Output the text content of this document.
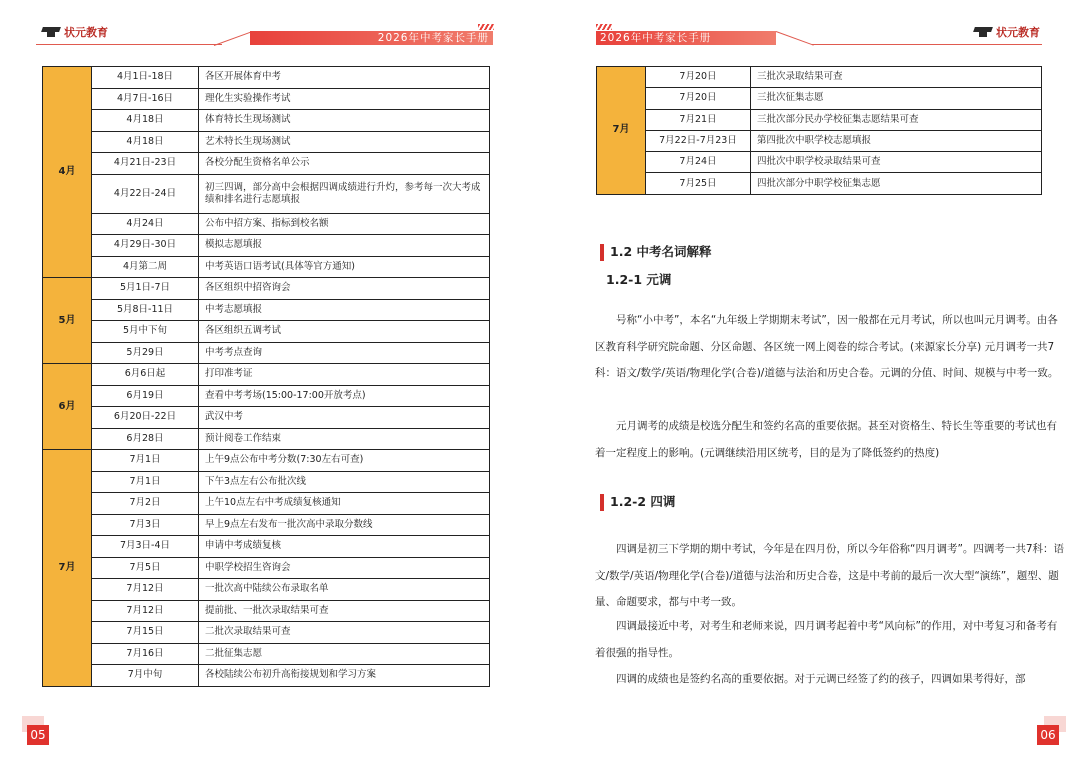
状元教育	2026年中考家长手册
4月	4月1日-18日	各区开展体育中考
	4月7日-16日	理化生实验操作考试
	4月18日	体育特长生现场测试
	4月18日	艺术特长生现场测试
	4月21日-23日	各校分配生资格名单公示
	4月22日-24日	初三四调，部分高中会根据四调成绩进行升灼，参考每一次大考成绩和排名进行志愿填报
	4月24日	公布中招方案、指标到校名额
	4月29日-30日	模拟志愿填报
	4月第二周	中考英语口语考试(具体等官方通知)
5月	5月1日-7日	各区组织中招咨询会
	5月8日-11日	中考志愿填报
	5月中下旬	各区组织五调考试
	5月29日	中考考点查询
6月	6月6日起	打印准考证
	6月19日	查看中考考场(15:00-17:00开放考点)
	6月20日-22日	武汉中考
	6月28日	预计阅卷工作结束
7月	7月1日	上午9点公布中考分数(7:30左右可查)
	7月1日	下午3点左右公布批次线
	7月2日	上午10点左右中考成绩复核通知
	7月3日	早上9点左右发布一批次高中录取分数线
	7月3日-4日	申请中考成绩复核
	7月5日	中职学校招生咨询会
	7月12日	一批次高中陆续公布录取名单
	7月12日	提前批、一批次录取结果可查
	7月15日	二批次录取结果可查
	7月16日	二批征集志愿
	7月中旬	各校陆续公布初升高衔接规划和学习方案
05
2026年中考家长手册	状元教育
7月	7月20日	三批次录取结果可查
	7月20日	三批次征集志愿
	7月21日	三批次部分民办学校征集志愿结果可查
	7月22日-7月23日	第四批次中职学校志愿填报
	7月24日	四批次中职学校录取结果可查
	7月25日	四批次部分中职学校征集志愿
1.2 中考名词解释
1.2-1 元调

号称“小中考”，本名“九年级上学期期末考试”，因一般都在元月考试，所以也叫元月调考。由各区教育科学研究院命题、分区命题、各区统一网上阅卷的综合考试。(来源家长分享) 元月调考一共7科：语文/数学/英语/物理化学(合卷)/道德与法治和历史合卷。元调的分值、时间、规模与中考一致。

元月调考的成绩是校选分配生和签约名高的重要依据。甚至对资格生、特长生等重要的考试也有着一定程度上的影响。(元调继续沿用区统考，目的是为了降低签约的热度)

1.2-2 四调

四调是初三下学期的期中考试，今年是在四月份，所以今年俗称“四月调考”。四调考一共7科：语文/数学/英语/物理化学(合卷)/道德与法治和历史合卷，这是中考前的最后一次大型“演练”，题型、题量、命题要求，都与中考一致。

四调最接近中考，对考生和老师来说，四月调考起着中考“风向标”的作用，对中考复习和备考有着很强的指导性。

四调的成绩也是签约名高的重要依据。对于元调已经签了约的孩子，四调如果考得好，部

06
